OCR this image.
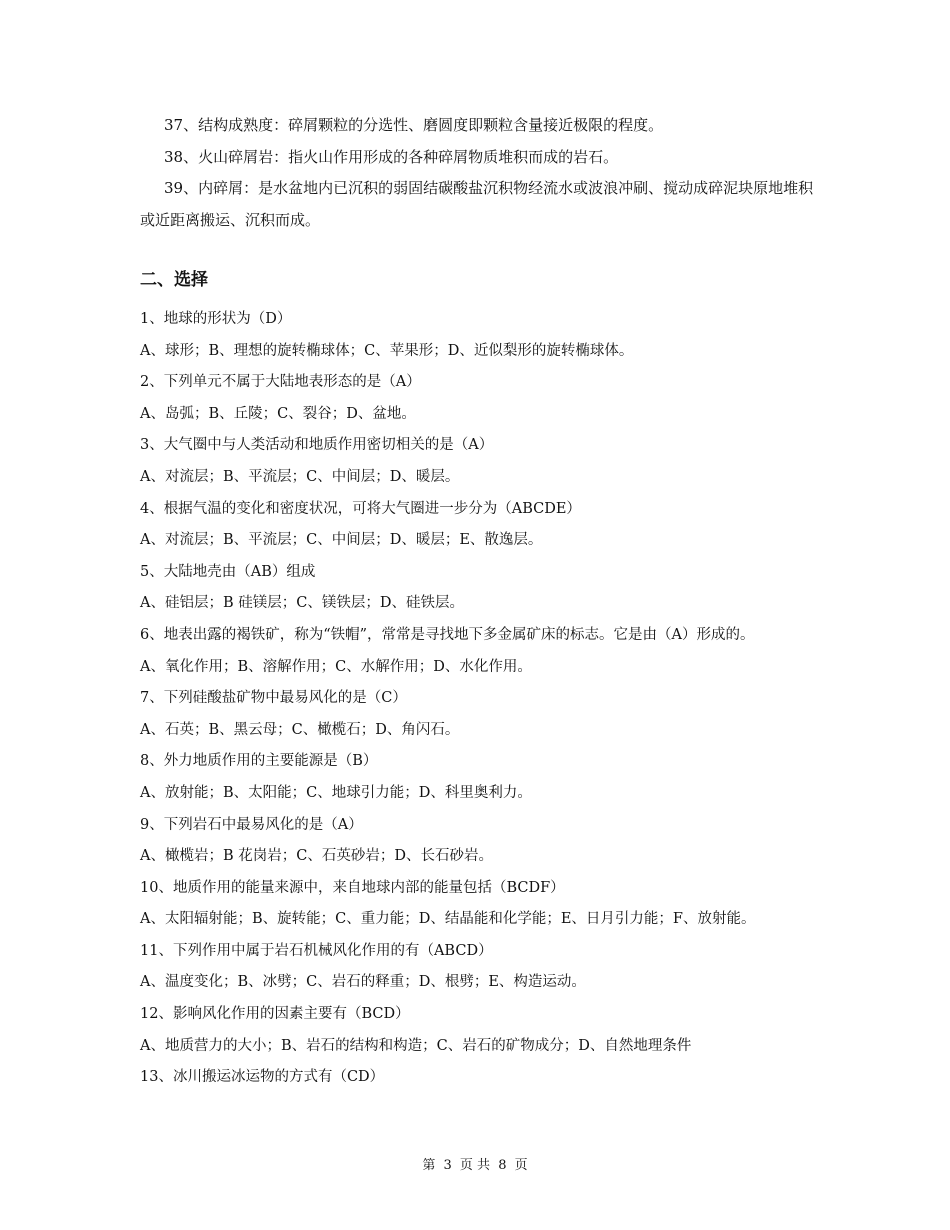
37、结构成熟度：碎屑颗粒的分选性、磨圆度即颗粒含量接近极限的程度。

38、火山碎屑岩：指火山作用形成的各种碎屑物质堆积而成的岩石。

39、内碎屑：是水盆地内已沉积的弱固结碳酸盐沉积物经流水或波浪冲刷、搅动成碎泥块原地堆积或近距离搬运、沉积而成。

二、选择
1、地球的形状为（D）
A、球形；B、理想的旋转椭球体；C、苹果形；D、近似梨形的旋转椭球体。
2、下列单元不属于大陆地表形态的是（A）
A、岛弧；B、丘陵；C、裂谷；D、盆地。
3、大气圈中与人类活动和地质作用密切相关的是（A）
A、对流层；B、平流层；C、中间层；D、暖层。
4、根据气温的变化和密度状况，可将大气圈进一步分为（ABCDE）
A、对流层；B、平流层；C、中间层；D、暖层；E、散逸层。
5、大陆地壳由（AB）组成
A、硅铝层；B 硅镁层；C、镁铁层；D、硅铁层。
6、地表出露的褐铁矿，称为“铁帽”，常常是寻找地下多金属矿床的标志。它是由（A）形成的。
A、氧化作用；B、溶解作用；C、水解作用；D、水化作用。
7、下列硅酸盐矿物中最易风化的是（C）
A、石英；B、黑云母；C、橄榄石；D、角闪石。
8、外力地质作用的主要能源是（B）
A、放射能；B、太阳能；C、地球引力能；D、科里奥利力。
9、下列岩石中最易风化的是（A）
A、橄榄岩；B 花岗岩；C、石英砂岩；D、长石砂岩。
10、地质作用的能量来源中，来自地球内部的能量包括（BCDF）
A、太阳辐射能；B、旋转能；C、重力能；D、结晶能和化学能；E、日月引力能；F、放射能。
11、下列作用中属于岩石机械风化作用的有（ABCD）
A、温度变化；B、冰劈；C、岩石的释重；D、根劈；E、构造运动。
12、影响风化作用的因素主要有（BCD）
A、地质营力的大小；B、岩石的结构和构造；C、岩石的矿物成分；D、自然地理条件
13、冰川搬运冰运物的方式有（CD）
第 3 页 共 8 页
